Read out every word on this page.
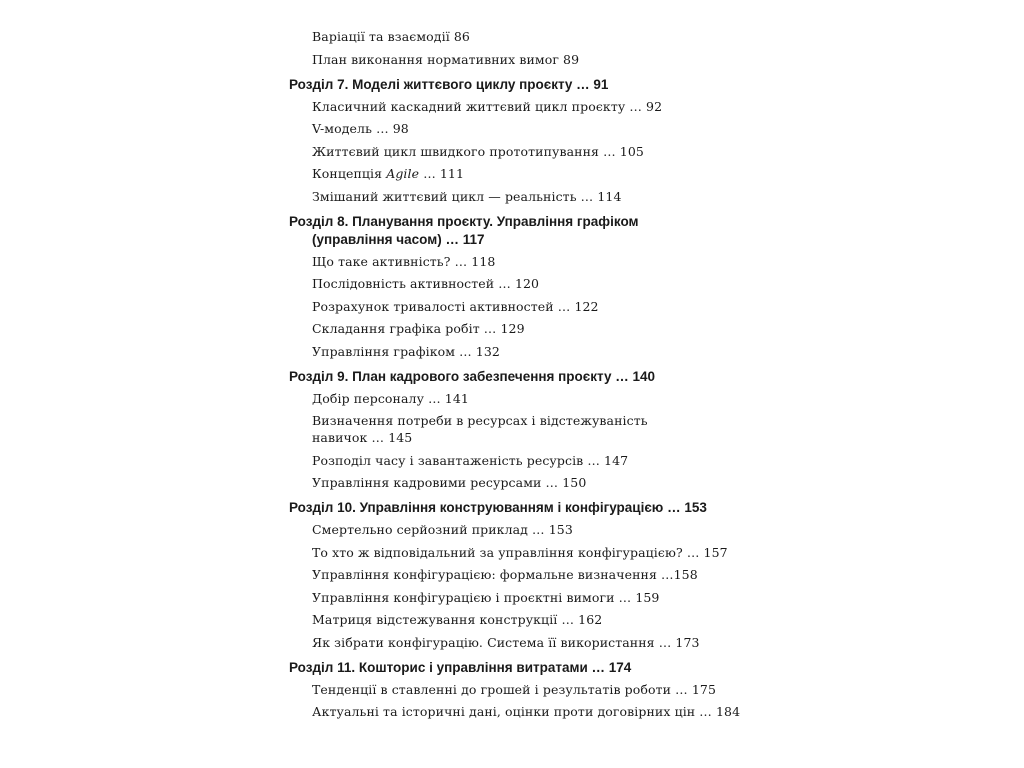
Варіації та взаємодії 86
План виконання нормативних вимог 89
Розділ 7. Моделі життєвого циклу проєкту … 91
Класичний каскадний життєвий цикл проєкту … 92
V-модель … 98
Життєвий цикл швидкого прототипування … 105
Концепція Agile … 111
Змішаний життєвий цикл — реальність … 114
Розділ 8. Планування проєкту. Управління графіком
(управління часом) … 117
Що таке активність? … 118
Послідовність активностей … 120
Розрахунок тривалості активностей … 122
Складання графіка робіт … 129
Управління графіком … 132
Розділ 9. План кадрового забезпечення проєкту … 140
Добір персоналу … 141
Визначення потреби в ресурсах і відстежуваність
навичок … 145
Розподіл часу і завантаженість ресурсів … 147
Управління кадровими ресурсами … 150
Розділ 10. Управління конструюванням і конфігурацією … 153
Смертельно серйозний приклад … 153
То хто ж відповідальний за управління конфігурацією? … 157
Управління конфігурацією: формальне визначення …158
Управління конфігурацією і проєктні вимоги … 159
Матриця відстежування конструкції … 162
Як зібрати конфігурацію. Система її використання … 173
Розділ 11. Кошторис і управління витратами … 174
Тенденції в ставленні до грошей і результатів роботи … 175
Актуальні та історичні дані, оцінки проти договірних цін … 184
